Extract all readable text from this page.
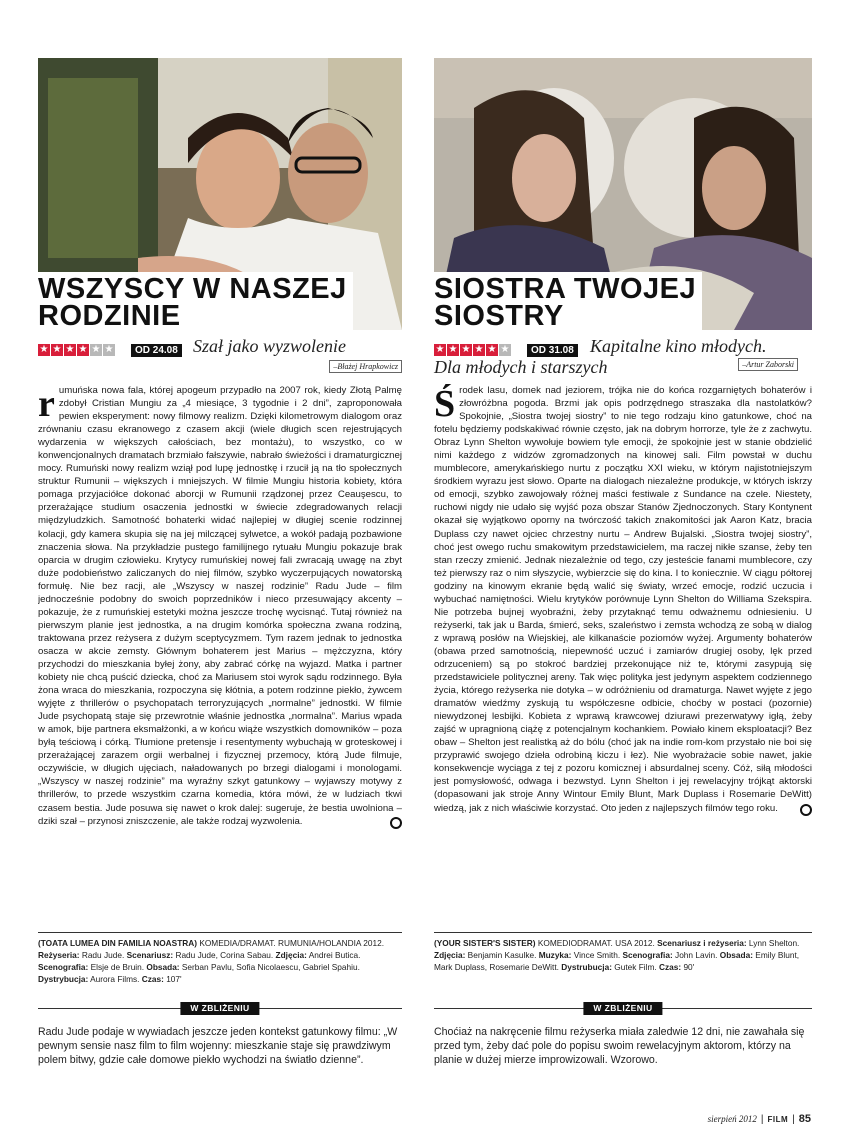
WSZYSCY W NASZEJ
RODZINIE
★ ★ ★ ★ ★ ★	OD 24.08 Szał jako wyzwolenie
–Błażej Hrapkowicz
r umuńska nowa fala, której apogeum przypadło na 2007 rok, kiedy Złotą Palmę zdobył Cristian Mungiu za „4 miesiące, 3 tygodnie i 2 dni”, zaproponowała pewien eksperyment: nowy filmowy realizm. Dzięki kilometrowym dialogom oraz zrównaniu czasu ekranowego z czasem akcji (wiele długich scen rejestrujących wydarzenia w większych całościach, bez montażu), to wszystko, co w konwencjonalnych dramatach brzmiało fałszywie, nabrało świeżości i dramaturgicznej mocy. Rumuński nowy realizm wziął pod lupę jednostkę i rzucił ją na tło społecznych struktur Rumunii – większych i mniejszych. W filmie Mungiu historia kobiety, która pomaga przyjaciółce dokonać aborcji w Rumunii rządzonej przez Ceauşescu, to przerażające studium osaczenia jednostki w świecie zdegradowanych relacji międzyludzkich. Samotność bohaterki widać najlepiej w długiej scenie rodzinnej kolacji, gdy kamera skupia się na jej milczącej sylwetce, a wokół padają pozbawione znaczenia słowa. Na przykładzie pustego familijnego rytuału Mungiu pokazuje brak oparcia w drugim człowieku. Krytycy rumuńskiej nowej fali zwracają uwagę na zbyt duże podobieństwo zaliczanych do niej filmów, szybko wyczerpujących nowatorską formułę. Nie bez racji, ale „Wszyscy w naszej rodzinie” Radu Jude – film jednocześnie podobny do swoich poprzedników i nieco przesuwający akcenty – pokazuje, że z rumuńskiej estetyki można jeszcze trochę wycisnąć. Tutaj również na pierwszym planie jest jednostka, a na drugim komórka społeczna zwana rodziną, traktowana przez reżysera z dużym sceptycyzmem. Tym razem jednak to jednostka osacza w akcie zemsty. Głównym bohaterem jest Marius – mężczyzna, który przychodzi do mieszkania byłej żony, aby zabrać córkę na wyjazd. Matka i partner kobiety nie chcą puścić dziecka, choć za Mariusem stoi wyrok sądu rodzinnego. Była żona wraca do mieszkania, rozpoczyna się kłótnia, a potem rodzinne piekło, żywcem wyjęte z thrillerów o psychopatach terroryzujących „normalne” jednostki. W filmie Jude psychopatą staje się przewrotnie właśnie jednostka „normalna”. Marius wpada w amok, bije partnera eksmałżonki, a w końcu wiąże wszystkich domowników – poza byłą teściową i córką. Tłumione pretensje i resentymenty wybuchają w groteskowej i przerażającej zarazem orgii werbalnej i fizycznej przemocy, którą Jude filmuje, oczywiście, w długich ujęciach, naładowanych po brzegi dialogami i monologami. „Wszyscy w naszej rodzinie” ma wyraźny szkyt gatunkowy – wyjawszy motywy z thrillerów, to przede wszystkim czarna komedia, która mówi, że w ludziach tkwi czasem bestia. Jude posuwa się nawet o krok dalej: sugeruje, że bestia uwolniona – dziki szał – przynosi zniszczenie, ale także rodzaj wyzwolenia.
(TOATA LUMEA DIN FAMILIA NOASTRA) KOMEDIA/DRAMAT. RUMUNIA/HOLANDIA 2012. Reżyseria: Radu Jude. Scenariusz: Radu Jude, Corina Sabau. Zdjęcia: Andrei Butica. Scenografia: Elsje de Bruin. Obsada: Serban Pavlu, Sofia Nicolaescu, Gabriel Spahiu. Dystrybucja: Aurora Films. Czas: 107'
W ZBLIŻENIU
Radu Jude podaje w wywiadach jeszcze jeden kontekst gatunkowy filmu: „W pewnym sensie nasz film to film wojenny: mieszkanie staje się prawdziwym polem bitwy, gdzie całe domowe piekło wychodzi na światło dzienne”.
SIOSTRA TWOJEJ
SIOSTRY
★ ★ ★ ★ ★ ★	OD 31.08 Kapitalne kino młodych.
Dla młodych i starszych	–Artur Zaborski
Ś rodek lasu, domek nad jeziorem, trójka nie do końca rozgarniętych bohaterów i złowróżbna pogoda. Brzmi jak opis podrzędnego straszaka dla nastolatków? Spokojnie, „Siostra twojej siostry” to nie tego rodzaju kino gatunkowe, choć na fotelu będziemy podskakiwać równie często, jak na dobrym horrorze, tyle że z zachwytu. Obraz Lynn Shelton wywołuje bowiem tyle emocji, że spokojnie jest w stanie obdzielić nimi każdego z widzów zgromadzonych na kinowej sali. Film powstał w duchu mumblecore, amerykańskiego nurtu z początku XXI wieku, w którym najistotniejszym środkiem wyrazu jest słowo. Oparte na dialogach niezależne produkcje, w których iskrzy od emocji, szybko zawojowały różnej maści festiwale z Sundance na czele. Niestety, ruchowi nigdy nie udało się wyjść poza obszar Stanów Zjednoczonych. Stary Kontynent okazał się wyjątkowo oporny na twórczość takich znakomitości jak Aaron Katz, bracia Duplass czy nawet ojciec chrzestny nurtu – Andrew Bujalski. „Siostra twojej siostry”, choć jest owego ruchu smakowitym przedstawicielem, ma raczej nikłe szanse, żeby ten stan rzeczy zmienić. Jednak niezależnie od tego, czy jesteście fanami mumblecore, czy też pierwszy raz o nim słyszycie, wybierzcie się do kina. I to koniecznie. W ciągu półtorej godziny na kinowym ekranie będą walić się światy, wrzeć emocje, rodzić uczucia i wybuchać namiętności. Wielu krytyków porównuje Lynn Shelton do Williama Szekspira. Nie potrzeba bujnej wyobraźni, żeby przytaknąć temu odważnemu odniesieniu. U reżyserki, tak jak u Barda, śmierć, seks, szaleństwo i zemsta wchodzą ze sobą w dialog z wprawą posłów na Wiejskiej, ale kilkanaście poziomów wyżej. Argumenty bohaterów (obawa przed samotnością, niepewność uczuć i zamiarów drugiej osoby, lęk przed odrzuceniem) są po stokroć bardziej przekonujące niż te, którymi zasypują się przedstawiciele politycznej areny. Tak więc polityka jest jedynym aspektem codziennego życia, którego reżyserka nie dotyka – w odróżnieniu od dramaturga. Nawet wyjęte z jego dramatów wiedźmy zyskują tu współczesne odbicie, choćby w postaci (pozornie) niewydzonej lesbijki. Kobieta z wprawą krawcowej dziurawi prezerwatywy igłą, żeby zajść w upragnioną ciążę z potencjalnym kochankiem. Powiało kinem eksploatacji? Bez obaw – Shelton jest realistką aż do bólu (choć jak na indie rom-kom przystało nie boi się przyprawić swojego dzieła odrobiną kiczu i łez). Nie wyobrażacie sobie nawet, jakie konsekwencje wyciąga z tej z pozoru komicznej i absurdalnej sceny. Cóż, siłą młodości jest pomysłowość, odwaga i bezwstyd. Lynn Shelton i jej rewelacyjny trójkąt aktorski (dopasowani jak stroje Anny Wintour Emily Blunt, Mark Duplass i Rosemarie DeWitt) wiedzą, jak z nich właściwie korzystać. Oto jeden z najlepszych filmów tego roku.
(YOUR SISTER'S SISTER) KOMEDIODRAMAT. USA 2012. Scenariusz i reżyseria: Lynn Shelton. Zdjęcia: Benjamin Kasulke. Muzyka: Vince Smith. Scenografia: John Lavin. Obsada: Emily Blunt, Mark Duplass, Rosemarie DeWitt. Dystrubucja: Gutek Film. Czas: 90'
W ZBLIŻENIU
Choćiaż na nakręcenie filmu reżyserka miała zaledwie 12 dni, nie zawahała się przed tym, żeby dać pole do popisu swoim rewelacyjnym aktorom, którzy na planie w dużej mierze improwizowali. Wzorowo.
sierpień 2012 | FILM | 85
